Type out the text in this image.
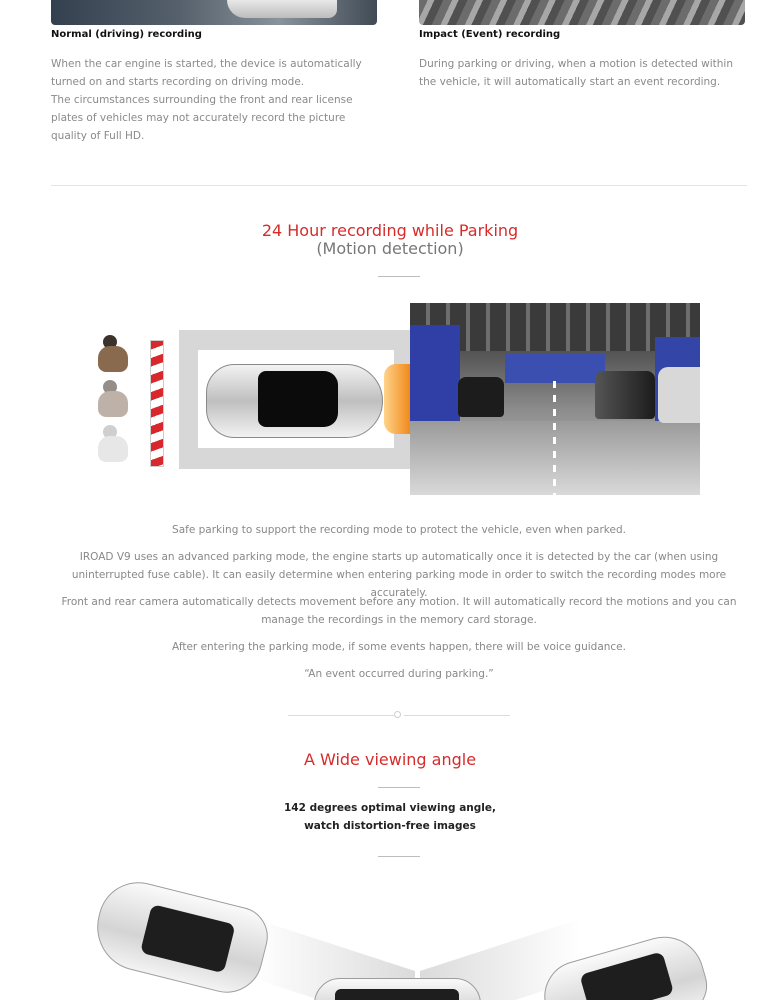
Normal (driving) recording
When the car engine is started, the device is automatically turned on and starts recording on driving mode.
The circumstances surrounding the front and rear license plates of vehicles may not accurately record the picture quality of Full HD.
Impact (Event) recording
During parking or driving, when a motion is detected within the vehicle, it will automatically start an event recording.
24 Hour recording while Parking
(Motion detection)

Safe parking to support the recording mode to protect the vehicle, even when parked.

IROAD V9 uses an advanced parking mode, the engine starts up automatically once it is detected by the car (when using uninterrupted fuse cable). It can easily determine when entering parking mode in order to switch the recording modes more accurately.

Front and rear camera automatically detects movement before any motion. It will automatically record the motions and you can manage the recordings in the memory card storage.

After entering the parking mode, if some events happen, there will be voice guidance.

“An event occurred during parking.”

A Wide viewing angle
142 degrees optimal viewing angle,
watch distortion-free images
